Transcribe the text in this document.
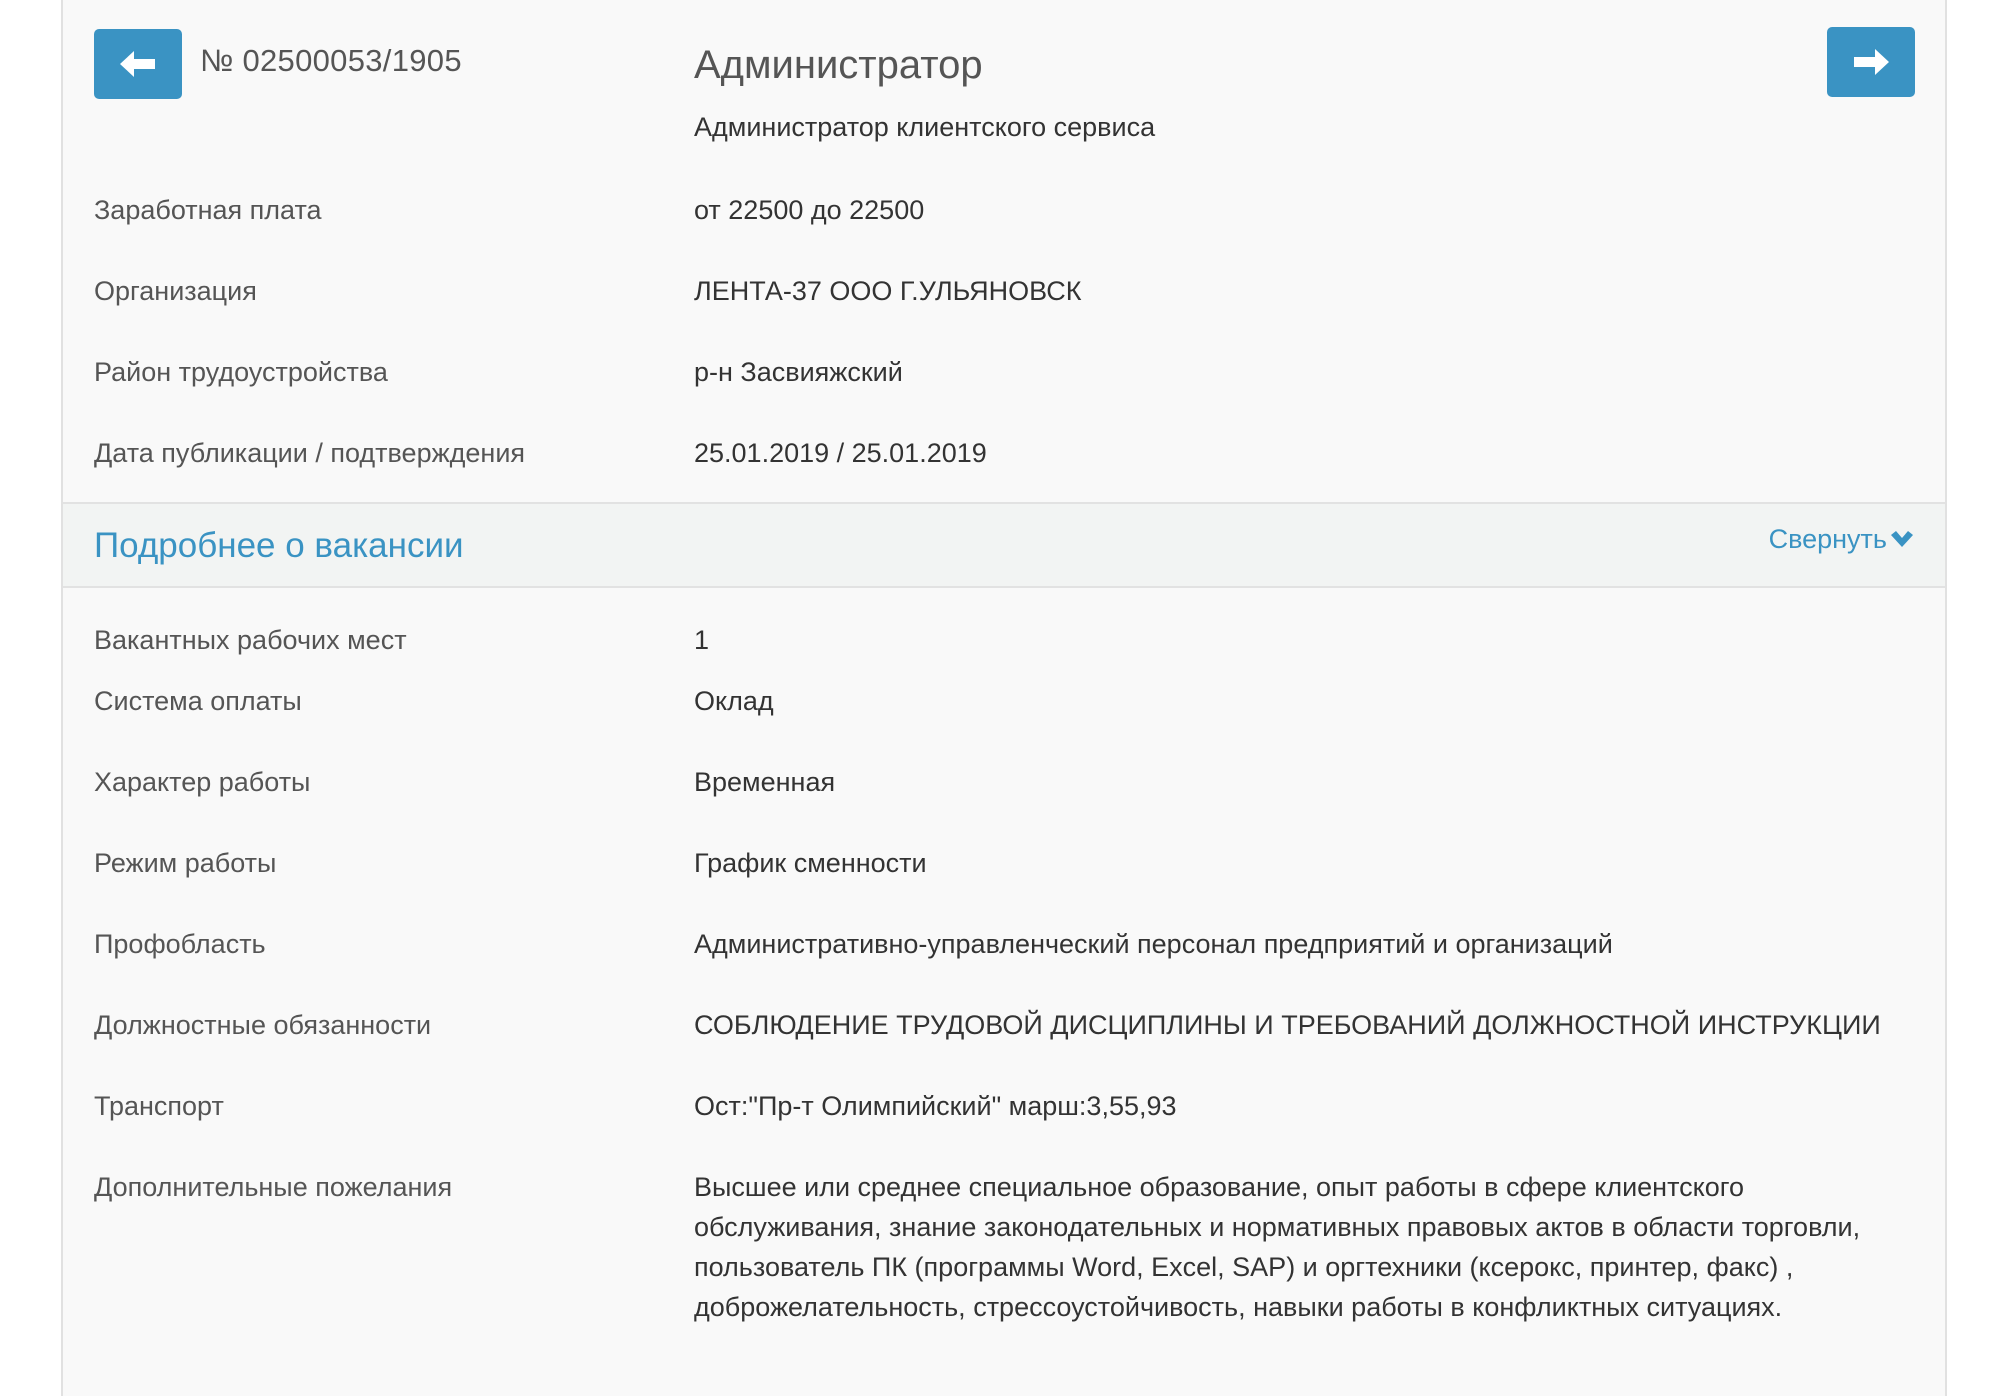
№ 02500053/1905	Администратор
Администратор клиентского сервиса
Заработная плата	от 22500 до 22500
Организация	ЛЕНТА-37 ООО Г.УЛЬЯНОВСК
Район трудоустройства	р-н Засвияжский
Дата публикации / подтверждения	25.01.2019 / 25.01.2019
Подробнее о вакансии	Свернуть
Вакантных рабочих мест	1
Система оплаты	Оклад
Характер работы	Временная
Режим работы	График сменности
Профобласть	Административно-управленческий персонал предприятий и организаций
Должностные обязанности	СОБЛЮДЕНИЕ ТРУДОВОЙ ДИСЦИПЛИНЫ И ТРЕБОВАНИЙ ДОЛЖНОСТНОЙ ИНСТРУКЦИИ
Транспорт	Ост:"Пр-т Олимпийский" марш:3,55,93
Дополнительные пожелания	Высшее или среднее специальное образование, опыт работы в сфере клиентского обслуживания, знание законодательных и нормативных правовых актов в области торговли, пользователь ПК (программы Word, Excel, SAP) и оргтехники (ксерокс, принтер, факс) , доброжелательность, стрессоустойчивость, навыки работы в конфликтных ситуациях.
